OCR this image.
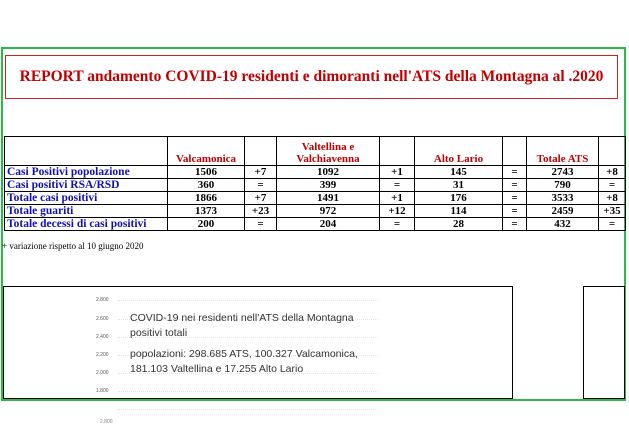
REPORT andamento COVID-19 residenti e dimoranti nell'ATS della Montagna al .2020
	Valcamonica		Valtellina e Valchiavenna		Alto Lario		Totale ATS	
Casi Positivi popolazione	1506	+7	1092	+1	145	=	2743	+8
Casi positivi RSA/RSD	360	=	399	=	31	=	790	=
Totale casi positivi	1866	+7	1491	+1	176	=	3533	+8
Totale guariti	1373	+23	972	+12	114	=	2459	+35
Totale decessi di casi positivi	200	=	204	=	28	=	432	=
+ variazione rispetto al 10 giugno 2020
2.800
2.600
2.400
2.200
2.000
1.800
COVID-19 nei residenti nell'ATS della Montagna positivi totali
popolazioni: 298.685 ATS, 100.327 Valcamonica, 181.103 Valtellina e 17.255 Alto Lario
2.800
